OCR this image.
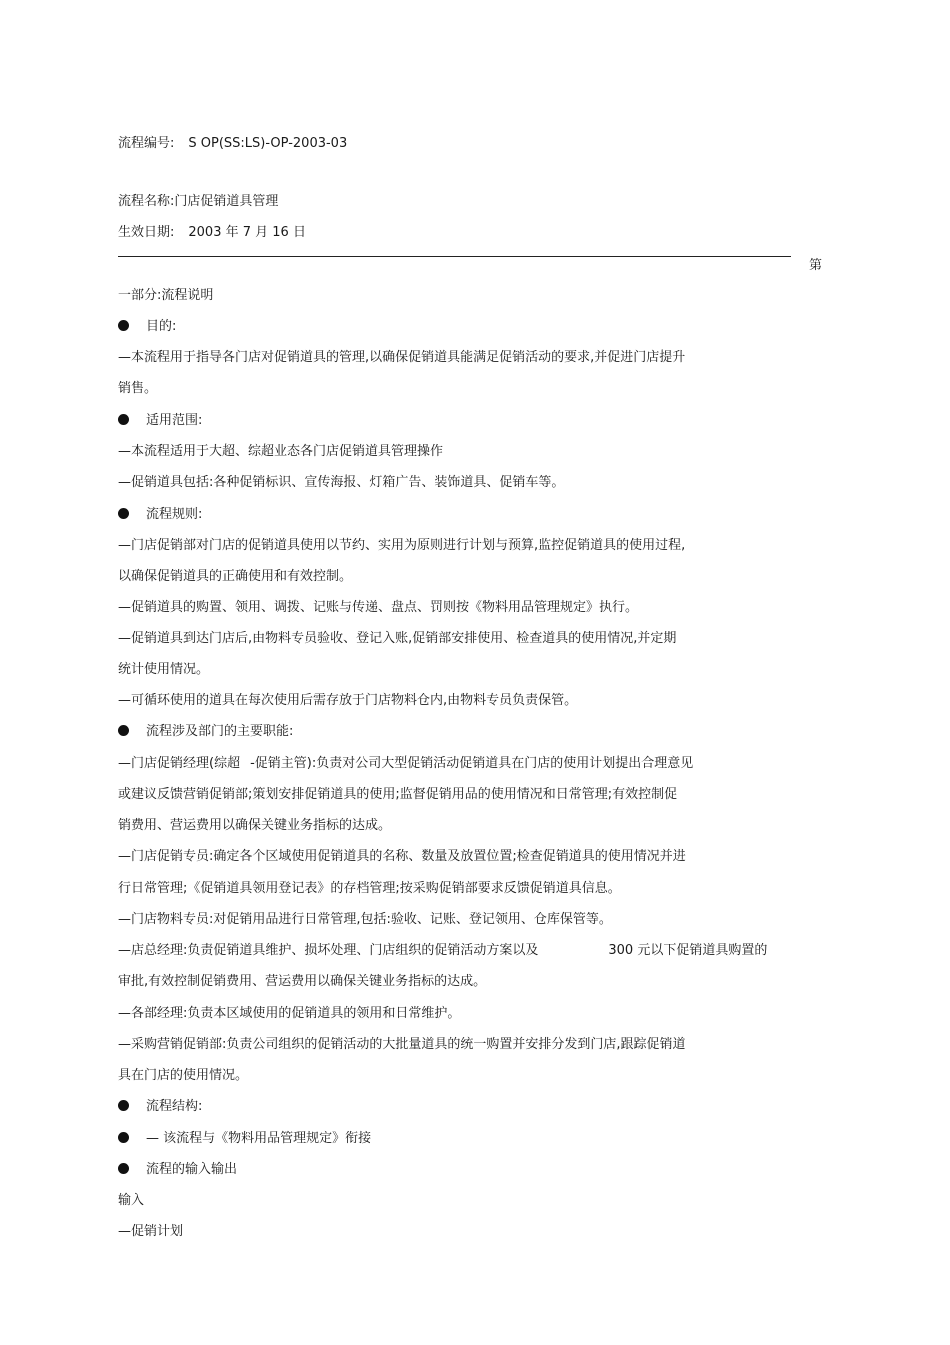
流程编号: S OP(SS:LS)-OP-2003-03
流程名称:门店促销道具管理
生效日期: 2003 年 7 月 16 日
第
一部分:流程说明
目的:
—本流程用于指导各门店对促销道具的管理,以确保促销道具能满足促销活动的要求,并促进门店提升
销售。
适用范围:
—本流程适用于大超、综超业态各门店促销道具管理操作
—促销道具包括:各种促销标识、宣传海报、灯箱广告、装饰道具、促销车等。
流程规则:
—门店促销部对门店的促销道具使用以节约、实用为原则进行计划与预算,监控促销道具的使用过程,
以确保促销道具的正确使用和有效控制。
—促销道具的购置、领用、调拨、记账与传递、盘点、罚则按《物料用品管理规定》执行。
—促销道具到达门店后,由物料专员验收、登记入账,促销部安排使用、检查道具的使用情况,并定期
统计使用情况。
—可循环使用的道具在每次使用后需存放于门店物料仓内,由物料专员负责保管。
流程涉及部门的主要职能:
—门店促销经理(综超 -促销主管):负责对公司大型促销活动促销道具在门店的使用计划提出合理意见
或建议反馈营销促销部;策划安排促销道具的使用;监督促销用品的使用情况和日常管理;有效控制促
销费用、营运费用以确保关键业务指标的达成。
—门店促销专员:确定各个区域使用促销道具的名称、数量及放置位置;检查促销道具的使用情况并进
行日常管理;《促销道具领用登记表》的存档管理;按采购促销部要求反馈促销道具信息。
—门店物料专员:对促销用品进行日常管理,包括:验收、记账、登记领用、仓库保管等。
—店总经理:负责促销道具维护、损坏处理、门店组织的促销活动方案以及	300 元以下促销道具购置的
审批,有效控制促销费用、营运费用以确保关键业务指标的达成。
—各部经理:负责本区域使用的促销道具的领用和日常维护。
—采购营销促销部:负责公司组织的促销活动的大批量道具的统一购置并安排分发到门店,跟踪促销道
具在门店的使用情况。
流程结构:
— 该流程与《物料用品管理规定》衔接
流程的输入输出
输入
—促销计划
